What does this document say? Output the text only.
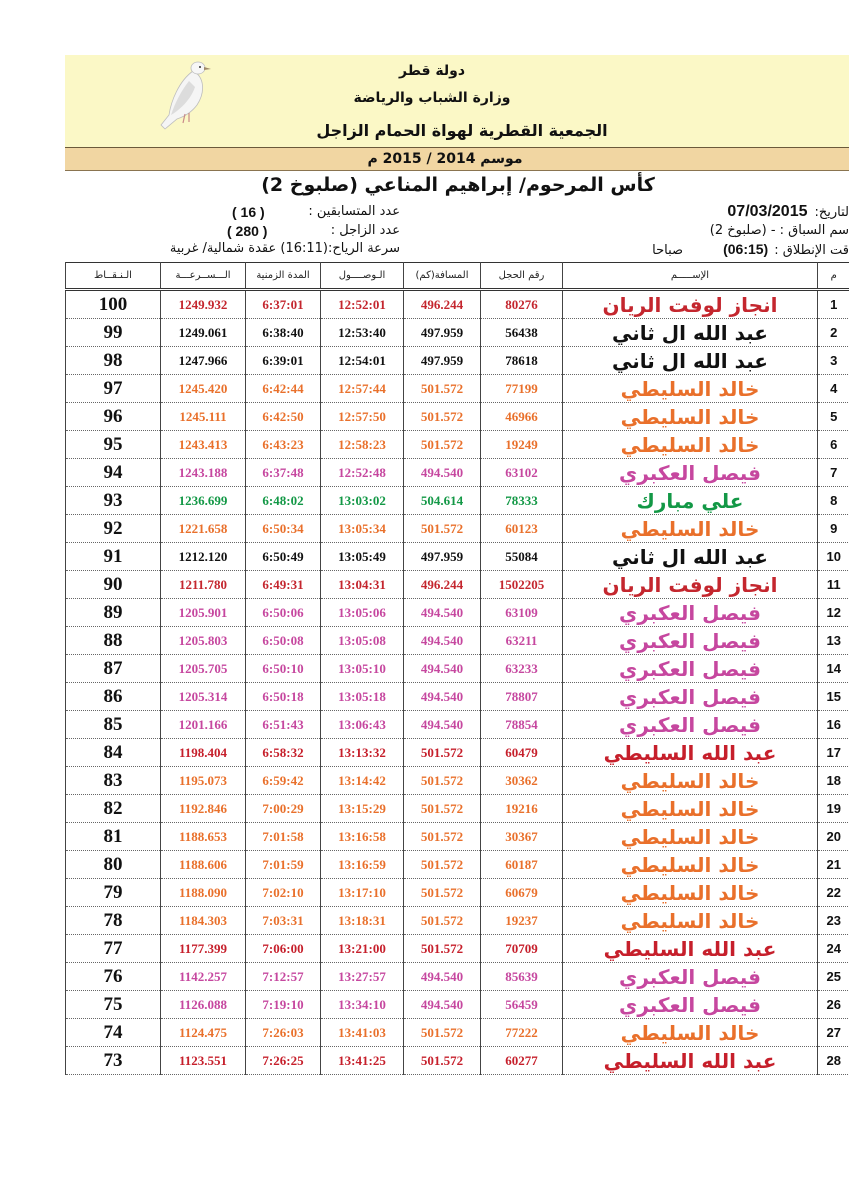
دولة قطر
وزارة الشباب والرياضة
الجمعية القطرية لهواة الحمام الزاجل
موسم 2014 / 2015 م
كأس المرحوم/ إبراهيم المناعي (صلبوخ 2)
لتاريخ:07/03/2015
سم السباق : - (صلبوخ 2)
قت الإنطلاق :(06:15)صباحا
عدد المتسابقين :
( 16 )
عدد الزاجل :
( 280 )
سرعة الرياح:(16:11) عقدة شمالية/ غربية
م	الإســـــم	رقم الحجل	المسافة(كم)	الـوصــــول	المدة الزمنية	الـــســرعـــة	الـنـقــاط
1	انجاز لوفت الريان	80276	496.244	12:52:01	6:37:01	1249.932	100
2	عبد الله ال ثاني	56438	497.959	12:53:40	6:38:40	1249.061	99
3	عبد الله ال ثاني	78618	497.959	12:54:01	6:39:01	1247.966	98
4	خالد السليطي	77199	501.572	12:57:44	6:42:44	1245.420	97
5	خالد السليطي	46966	501.572	12:57:50	6:42:50	1245.111	96
6	خالد السليطي	19249	501.572	12:58:23	6:43:23	1243.413	95
7	فيصل العكبري	63102	494.540	12:52:48	6:37:48	1243.188	94
8	علي مبارك	78333	504.614	13:03:02	6:48:02	1236.699	93
9	خالد السليطي	60123	501.572	13:05:34	6:50:34	1221.658	92
10	عبد الله ال ثاني	55084	497.959	13:05:49	6:50:49	1212.120	91
11	انجاز لوفت الريان	1502205	496.244	13:04:31	6:49:31	1211.780	90
12	فيصل العكبري	63109	494.540	13:05:06	6:50:06	1205.901	89
13	فيصل العكبري	63211	494.540	13:05:08	6:50:08	1205.803	88
14	فيصل العكبري	63233	494.540	13:05:10	6:50:10	1205.705	87
15	فيصل العكبري	78807	494.540	13:05:18	6:50:18	1205.314	86
16	فيصل العكبري	78854	494.540	13:06:43	6:51:43	1201.166	85
17	عبد الله السليطي	60479	501.572	13:13:32	6:58:32	1198.404	84
18	خالد السليطي	30362	501.572	13:14:42	6:59:42	1195.073	83
19	خالد السليطي	19216	501.572	13:15:29	7:00:29	1192.846	82
20	خالد السليطي	30367	501.572	13:16:58	7:01:58	1188.653	81
21	خالد السليطي	60187	501.572	13:16:59	7:01:59	1188.606	80
22	خالد السليطي	60679	501.572	13:17:10	7:02:10	1188.090	79
23	خالد السليطي	19237	501.572	13:18:31	7:03:31	1184.303	78
24	عبد الله السليطي	70709	501.572	13:21:00	7:06:00	1177.399	77
25	فيصل العكبري	85639	494.540	13:27:57	7:12:57	1142.257	76
26	فيصل العكبري	56459	494.540	13:34:10	7:19:10	1126.088	75
27	خالد السليطي	77222	501.572	13:41:03	7:26:03	1124.475	74
28	عبد الله السليطي	60277	501.572	13:41:25	7:26:25	1123.551	73
